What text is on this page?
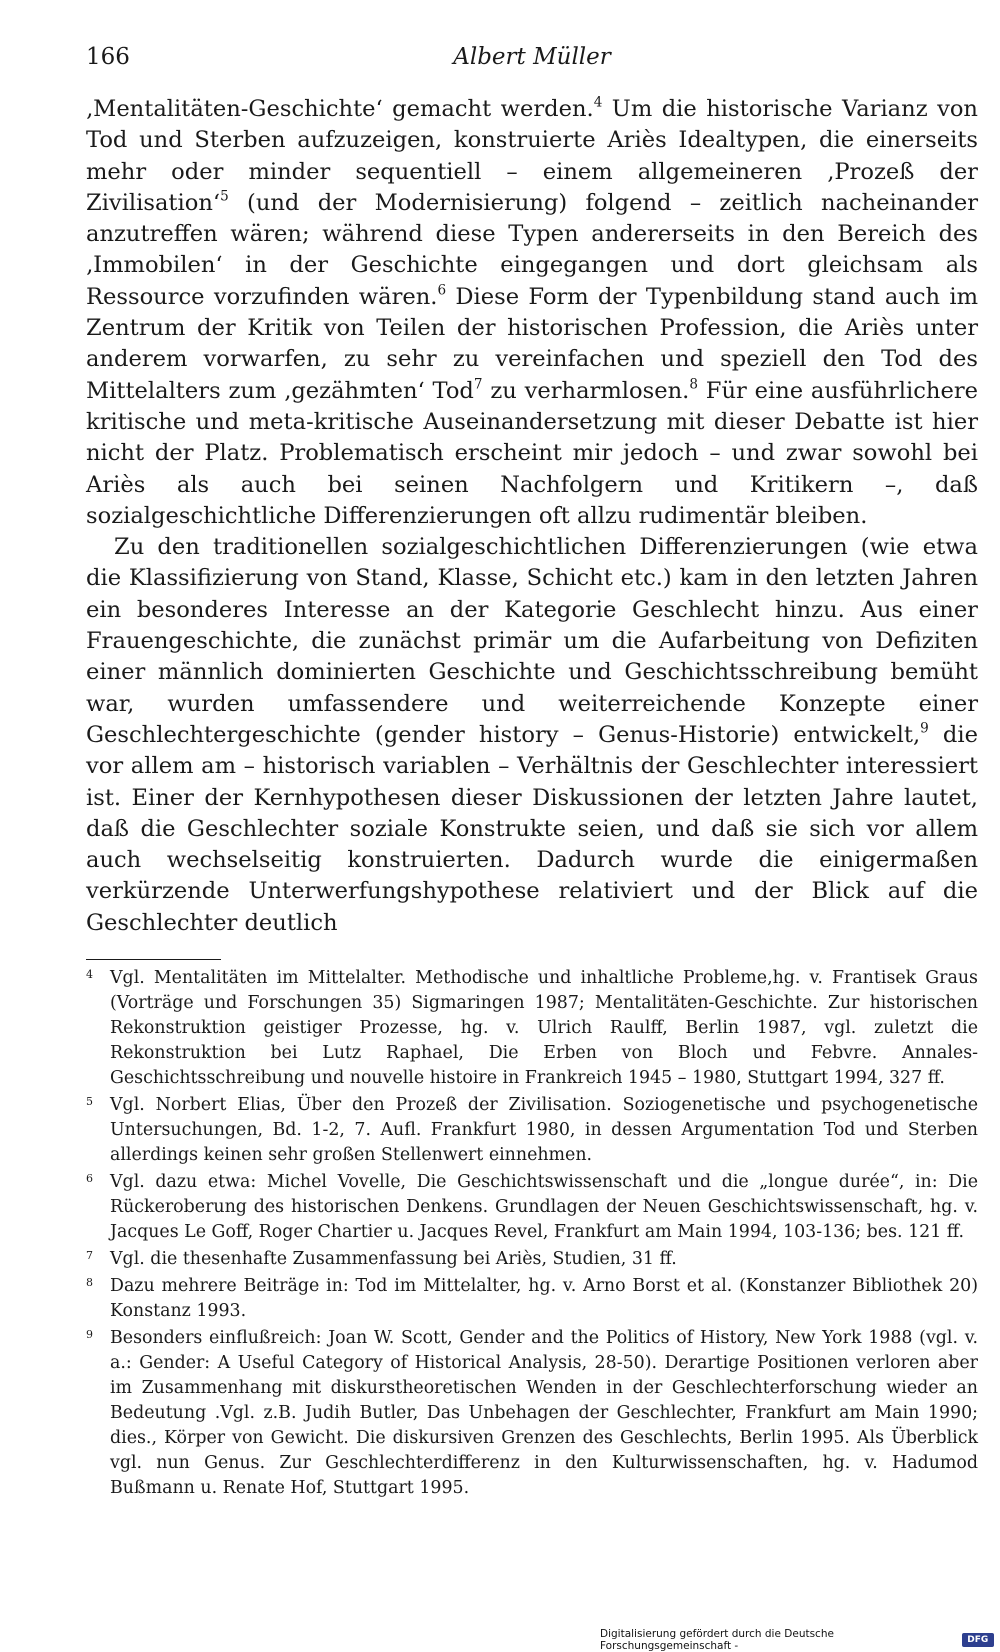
166	Albert Müller

‚Mentalitäten-Geschichte‘ gemacht werden.$^4$ Um die historische Varianz von Tod und Sterben aufzuzeigen, konstruierte Ariès Idealtypen, die einerseits mehr oder minder sequentiell – einem allgemeineren ‚Prozeß der Zivilisation‘$^5$ (und der Modernisierung) folgend – zeitlich nacheinander anzutreffen wären; während diese Typen andererseits in den Bereich des ‚Immobilen‘ in der Geschichte eingegangen und dort gleichsam als Ressource vorzufinden wären.$^6$ Diese Form der Typenbildung stand auch im Zentrum der Kritik von Teilen der historischen Profession, die Ariès unter anderem vorwarfen, zu sehr zu vereinfachen und speziell den Tod des Mittelalters zum ‚gezähmten‘ Tod$^7$ zu verharmlosen.$^8$ Für eine ausführlichere kritische und meta-kritische Auseinandersetzung mit dieser Debatte ist hier nicht der Platz. Problematisch erscheint mir jedoch – und zwar sowohl bei Ariès als auch bei seinen Nachfolgern und Kritikern –, daß sozialgeschichtliche Differenzierungen oft allzu rudimentär bleiben.

Zu den traditionellen sozialgeschichtlichen Differenzierungen (wie etwa die Klassifizierung von Stand, Klasse, Schicht etc.) kam in den letzten Jahren ein besonderes Interesse an der Kategorie Geschlecht hinzu. Aus einer Frauengeschichte, die zunächst primär um die Aufarbeitung von Defiziten einer männlich dominierten Geschichte und Geschichtsschreibung bemüht war, wurden umfassendere und weiterreichende Konzepte einer Geschlechtergeschichte (gender history – Genus-Historie) entwickelt,$^9$ die vor allem am – historisch variablen – Verhältnis der Geschlechter interessiert ist. Einer der Kernhypothesen dieser Diskussionen der letzten Jahre lautet, daß die Geschlechter soziale Konstrukte seien, und daß sie sich vor allem auch wechselseitig konstruierten. Dadurch wurde die einigermaßen verkürzende Unterwerfungshypothese relativiert und der Blick auf die Geschlechter deutlich

4 Vgl. Mentalitäten im Mittelalter. Methodische und inhaltliche Probleme,hg. v. Frantisek Graus (Vorträge und Forschungen 35) Sigmaringen 1987; Mentalitäten-Geschichte. Zur historischen Rekonstruktion geistiger Prozesse, hg. v. Ulrich Raulff, Berlin 1987, vgl. zuletzt die Rekonstruktion bei Lutz Raphael, Die Erben von Bloch und Febvre. Annales-Geschichtsschreibung und nouvelle histoire in Frankreich 1945 – 1980, Stuttgart 1994, 327 ff.
5 Vgl. Norbert Elias, Über den Prozeß der Zivilisation. Soziogenetische und psychogenetische Untersuchungen, Bd. 1-2, 7. Aufl. Frankfurt 1980, in dessen Argumentation Tod und Sterben allerdings keinen sehr großen Stellenwert einnehmen.
6 Vgl. dazu etwa: Michel Vovelle, Die Geschichtswissenschaft und die „longue durée“, in: Die Rückeroberung des historischen Denkens. Grundlagen der Neuen Geschichtswissenschaft, hg. v. Jacques Le Goff, Roger Chartier u. Jacques Revel, Frankfurt am Main 1994, 103-136; bes. 121 ff.
7 Vgl. die thesenhafte Zusammenfassung bei Ariès, Studien, 31 ff.
8 Dazu mehrere Beiträge in: Tod im Mittelalter, hg. v. Arno Borst et al. (Konstanzer Bibliothek 20) Konstanz 1993.
9 Besonders einflußreich: Joan W. Scott, Gender and the Politics of History, New York 1988 (vgl. v. a.: Gender: A Useful Category of Historical Analysis, 28-50). Derartige Positionen verloren aber im Zusammenhang mit diskurstheoretischen Wenden in der Geschlechterforschung wieder an Bedeutung .Vgl. z.B. Judih Butler, Das Unbehagen der Geschlechter, Frankfurt am Main 1990; dies., Körper von Gewicht. Die diskursiven Grenzen des Geschlechts, Berlin 1995. Als Überblick vgl. nun Genus. Zur Geschlechterdifferenz in den Kulturwissenschaften, hg. v. Hadumod Bußmann u. Renate Hof, Stuttgart 1995.
Digitalisierung gefördert durch die Deutsche Forschungsgemeinschaft -	DFG
